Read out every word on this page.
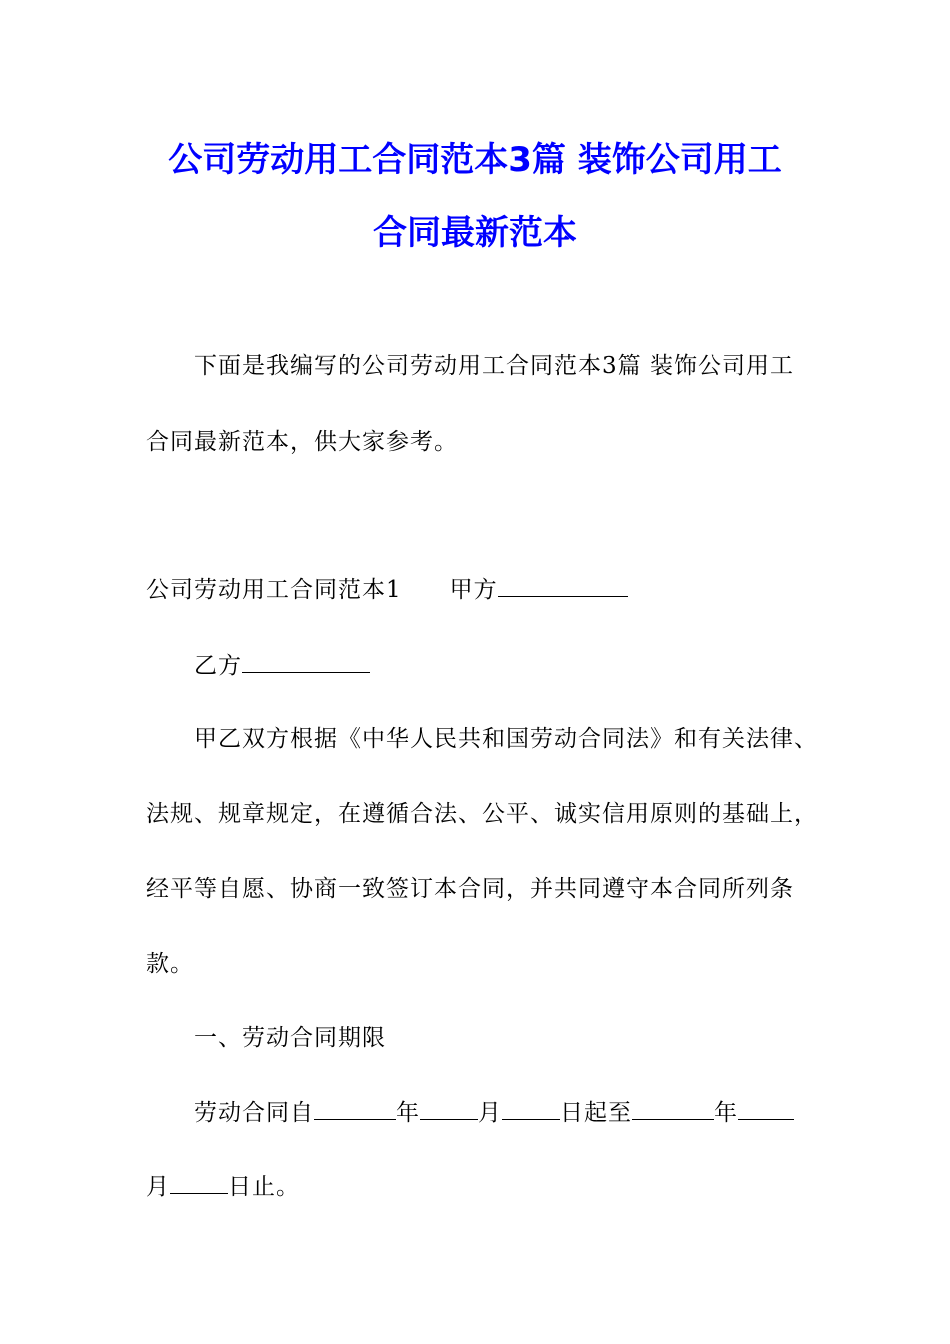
公司劳动用工合同范本3篇 装饰公司用工
合同最新范本
下面是我编写的公司劳动用工合同范本3篇 装饰公司用工
合同最新范本，供大家参考。
公司劳动用工合同范本1 甲方
乙方
甲乙双方根据《中华人民共和国劳动合同法》和有关法律、
法规、规章规定，在遵循合法、公平、诚实信用原则的基础上，
经平等自愿、协商一致签订本合同，并共同遵守本合同所列条
款。
一、劳动合同期限
劳动合同自	年	月	日起至	年
月	日止。
